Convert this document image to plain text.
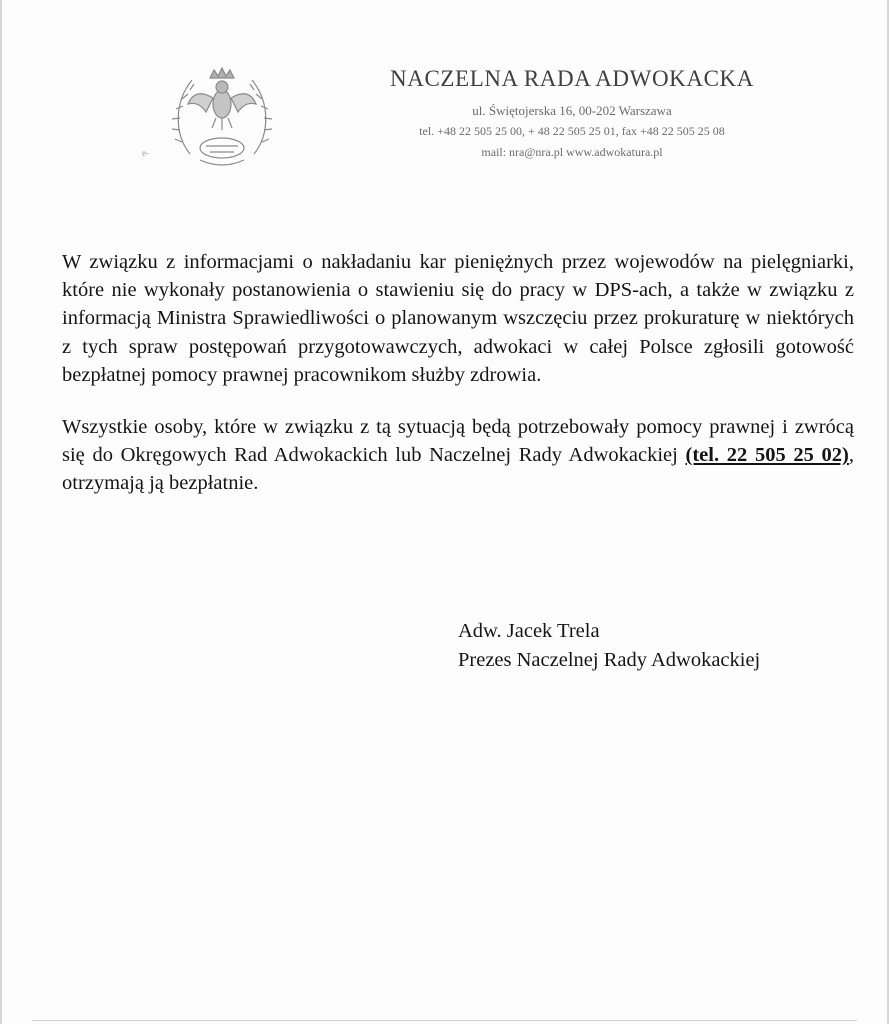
e-
NACZELNA RADA ADWOKACKA
ul. Świętojerska 16, 00-202 Warszawa
tel. +48 22 505 25 00, + 48 22 505 25 01, fax +48 22 505 25 08
mail: nra@nra.pl www.adwokatura.pl

W związku z informacjami o nakładaniu kar pieniężnych przez wojewodów na pielęgniarki, które nie wykonały postanowienia o stawieniu się do pracy w DPS-ach, a także w związku z informacją Ministra Sprawiedliwości o planowanym wszczęciu przez prokuraturę w niektórych z tych spraw postępowań przygotowawczych, adwokaci w całej Polsce zgłosili gotowość bezpłatnej pomocy prawnej pracownikom służby zdrowia.

Wszystkie osoby, które w związku z tą sytuacją będą potrzebowały pomocy prawnej i zwrócą się do Okręgowych Rad Adwokackich lub Naczelnej Rady Adwokackiej (tel. 22 505 25 02), otrzymają ją bezpłatnie.

Adw. Jacek Trela
Prezes Naczelnej Rady Adwokackiej
